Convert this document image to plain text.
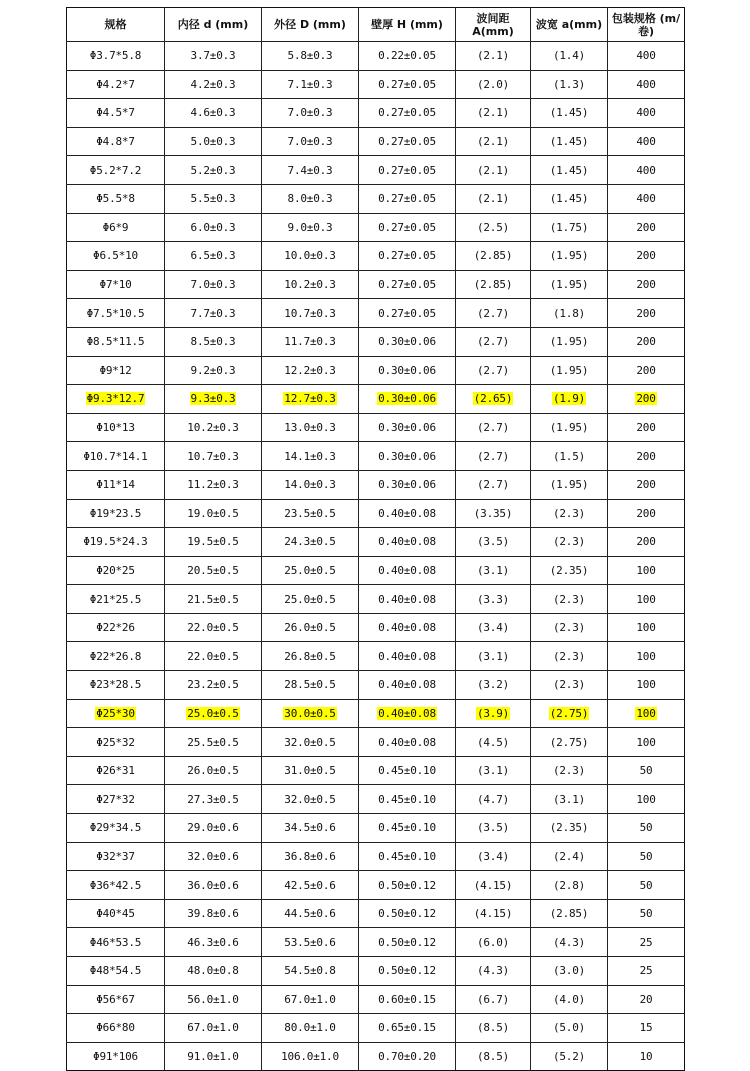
规格	内径 d (mm)	外径 D (mm)	壁厚 H (mm)	波间距 A(mm)	波宽 a(mm)	包装规格 (m/卷)
Φ3.7*5.8	3.7±0.3	5.8±0.3	0.22±0.05	(2.1)	(1.4)	400
Φ4.2*7	4.2±0.3	7.1±0.3	0.27±0.05	(2.0)	(1.3)	400
Φ4.5*7	4.6±0.3	7.0±0.3	0.27±0.05	(2.1)	(1.45)	400
Φ4.8*7	5.0±0.3	7.0±0.3	0.27±0.05	(2.1)	(1.45)	400
Φ5.2*7.2	5.2±0.3	7.4±0.3	0.27±0.05	(2.1)	(1.45)	400
Φ5.5*8	5.5±0.3	8.0±0.3	0.27±0.05	(2.1)	(1.45)	400
Φ6*9	6.0±0.3	9.0±0.3	0.27±0.05	(2.5)	(1.75)	200
Φ6.5*10	6.5±0.3	10.0±0.3	0.27±0.05	(2.85)	(1.95)	200
Φ7*10	7.0±0.3	10.2±0.3	0.27±0.05	(2.85)	(1.95)	200
Φ7.5*10.5	7.7±0.3	10.7±0.3	0.27±0.05	(2.7)	(1.8)	200
Φ8.5*11.5	8.5±0.3	11.7±0.3	0.30±0.06	(2.7)	(1.95)	200
Φ9*12	9.2±0.3	12.2±0.3	0.30±0.06	(2.7)	(1.95)	200
Φ9.3*12.7	9.3±0.3	12.7±0.3	0.30±0.06	(2.65)	(1.9)	200
Φ10*13	10.2±0.3	13.0±0.3	0.30±0.06	(2.7)	(1.95)	200
Φ10.7*14.1	10.7±0.3	14.1±0.3	0.30±0.06	(2.7)	(1.5)	200
Φ11*14	11.2±0.3	14.0±0.3	0.30±0.06	(2.7)	(1.95)	200
Φ19*23.5	19.0±0.5	23.5±0.5	0.40±0.08	(3.35)	(2.3)	200
Φ19.5*24.3	19.5±0.5	24.3±0.5	0.40±0.08	(3.5)	(2.3)	200
Φ20*25	20.5±0.5	25.0±0.5	0.40±0.08	(3.1)	(2.35)	100
Φ21*25.5	21.5±0.5	25.0±0.5	0.40±0.08	(3.3)	(2.3)	100
Φ22*26	22.0±0.5	26.0±0.5	0.40±0.08	(3.4)	(2.3)	100
Φ22*26.8	22.0±0.5	26.8±0.5	0.40±0.08	(3.1)	(2.3)	100
Φ23*28.5	23.2±0.5	28.5±0.5	0.40±0.08	(3.2)	(2.3)	100
Φ25*30	25.0±0.5	30.0±0.5	0.40±0.08	(3.9)	(2.75)	100
Φ25*32	25.5±0.5	32.0±0.5	0.40±0.08	(4.5)	(2.75)	100
Φ26*31	26.0±0.5	31.0±0.5	0.45±0.10	(3.1)	(2.3)	50
Φ27*32	27.3±0.5	32.0±0.5	0.45±0.10	(4.7)	(3.1)	100
Φ29*34.5	29.0±0.6	34.5±0.6	0.45±0.10	(3.5)	(2.35)	50
Φ32*37	32.0±0.6	36.8±0.6	0.45±0.10	(3.4)	(2.4)	50
Φ36*42.5	36.0±0.6	42.5±0.6	0.50±0.12	(4.15)	(2.8)	50
Φ40*45	39.8±0.6	44.5±0.6	0.50±0.12	(4.15)	(2.85)	50
Φ46*53.5	46.3±0.6	53.5±0.6	0.50±0.12	(6.0)	(4.3)	25
Φ48*54.5	48.0±0.8	54.5±0.8	0.50±0.12	(4.3)	(3.0)	25
Φ56*67	56.0±1.0	67.0±1.0	0.60±0.15	(6.7)	(4.0)	20
Φ66*80	67.0±1.0	80.0±1.0	0.65±0.15	(8.5)	(5.0)	15
Φ91*106	91.0±1.0	106.0±1.0	0.70±0.20	(8.5)	(5.2)	10
